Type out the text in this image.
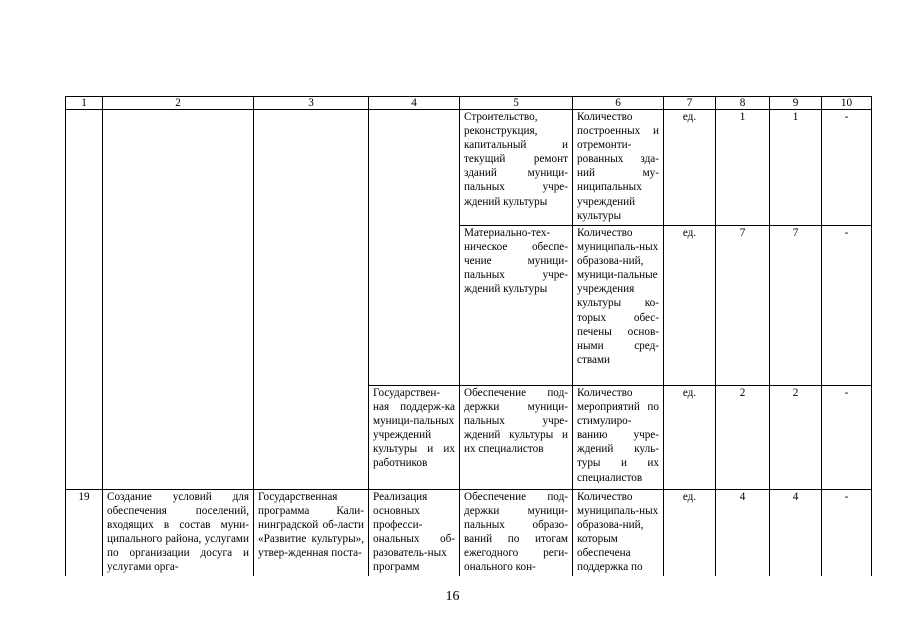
1	2	3	4	5	6	7	8	9	10
				Строительство, реконструкция, капитальный и текущий ремонт зданий муници-пальных учре-ждений культуры	Количество построенных и отремонти-рованных зда-ний му-ниципальных учреждений культуры	ед.	1	1	-
				Материально-тех-ническое обеспе-чение муници-пальных учре-ждений культуры	Количество муниципаль-ных образова-ний, муници-пальные учреждения культуры ко-торых обес-печены основ-ными сред-ствами	ед.	7	7	-
			Государствен-ная поддерж-ка муници-пальных учреждений культуры и их работников	Обеспечение под-держки муници-пальных учре-ждений культуры и их специалистов	Количество мероприятий по стимулиро-ванию учре-ждений куль-туры и их специалистов	ед.	2	2	-
19	Создание условий для обеспечения поселений, входящих в состав муни-ципального района, услугами по организации досуга и услугами орга-	Государственная программа Кали-нинградской об-ласти «Развитие культуры», утвер-жденная поста-	Реализация основных професси-ональных об-разователь-ных программ	Обеспечение под-держки муници-пальных образо-ваний по итогам ежегодного реги-онального кон-	Количество муниципаль-ных образова-ний, которым обеспечена поддержка по	ед.	4	4	-
16
